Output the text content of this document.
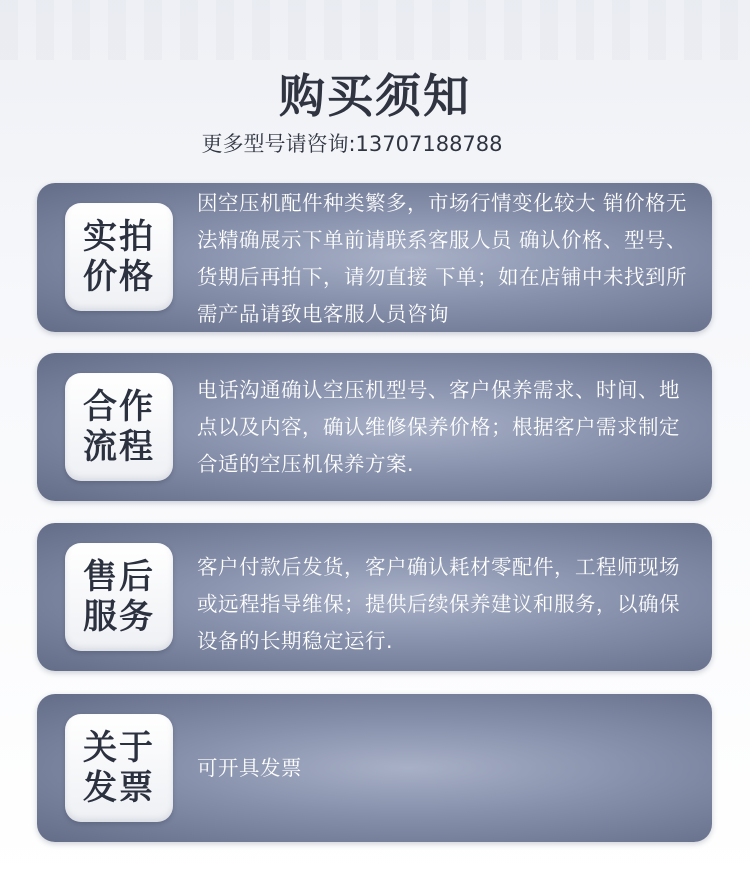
购买须知
更多型号请咨询:13707188788
实拍
价格
因空压机配件种类繁多，市场行情变化较大 销价格无法精确展示下单前请联系客服人员 确认价格、型号、货期后再拍下，请勿直接 下单；如在店铺中未找到所需产品请致电客服人员咨询
合作
流程
电话沟通确认空压机型号、客户保养需求、时间、地点以及内容，确认维修保养价格；根据客户需求制定合适的空压机保养方案.
售后
服务
客户付款后发货，客户确认耗材零配件，工程师现场或远程指导维保；提供后续保养建议和服务，以确保设备的长期稳定运行.
关于
发票 可开具发票
